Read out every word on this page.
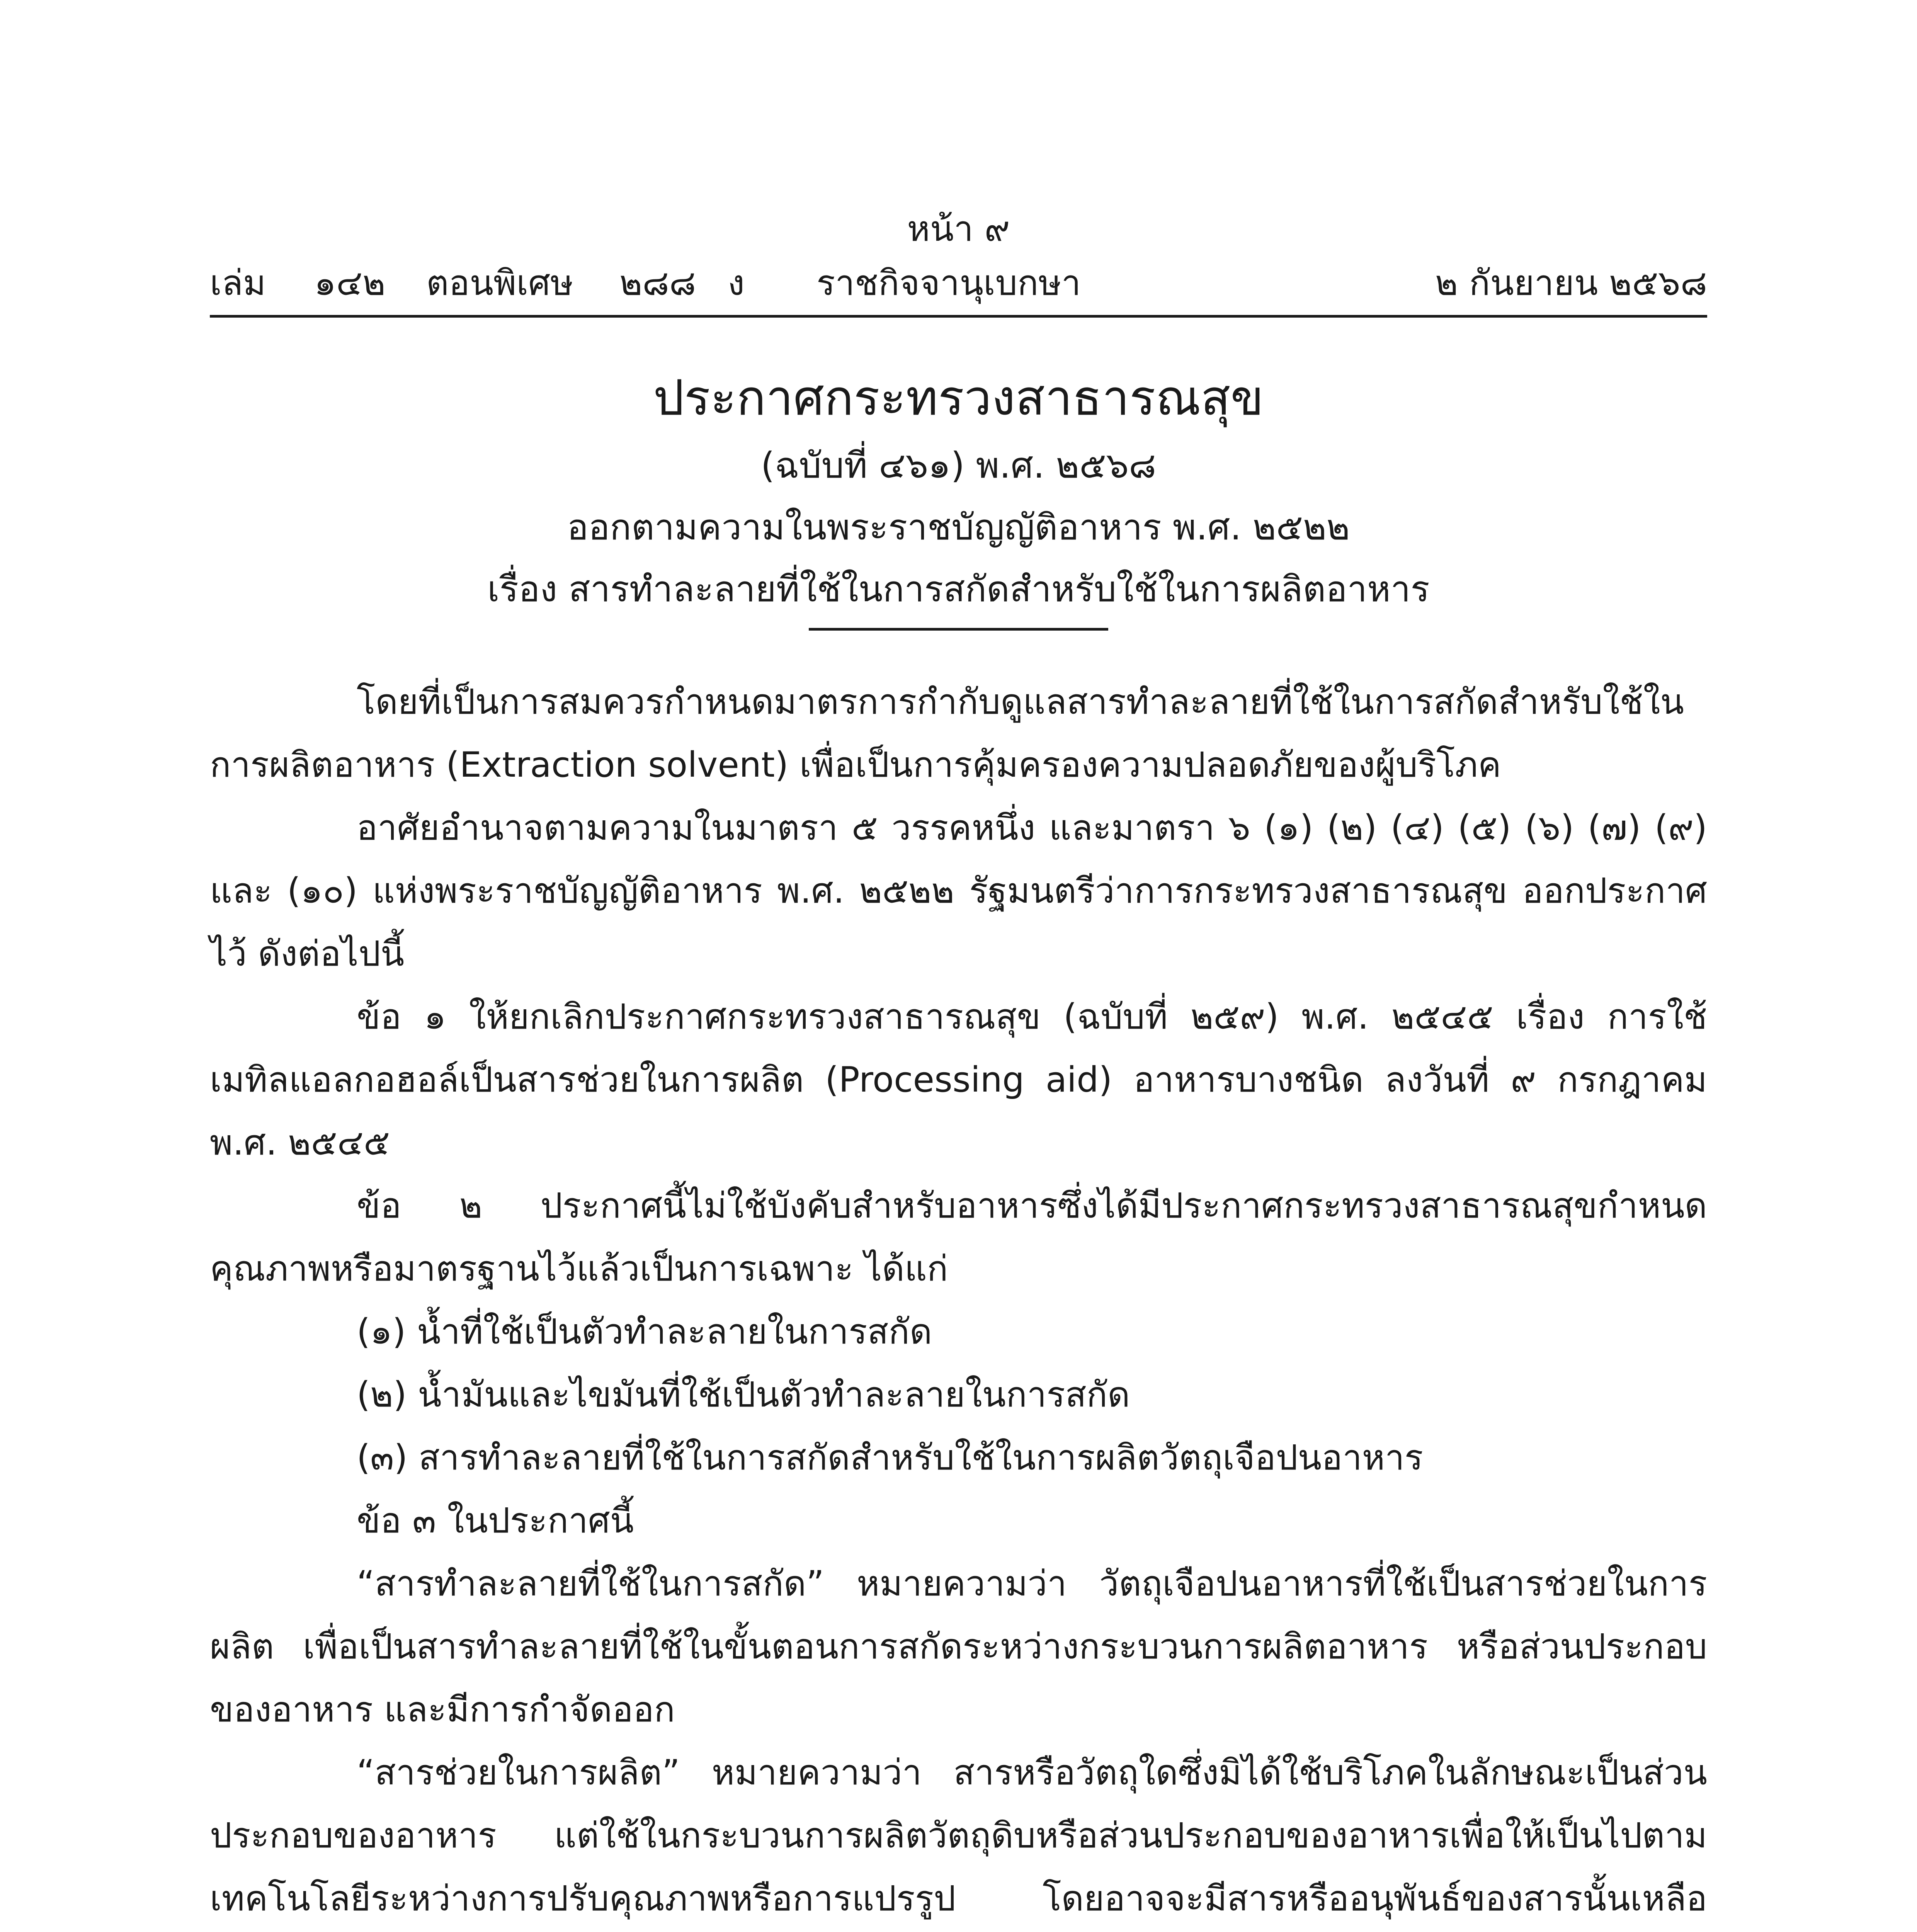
หน้า ๙
เล่ม ๑๔๒ ตอนพิเศษ ๒๘๘ ง ราชกิจจานุเบกษา	๒ กันยายน ๒๕๖๘
ประกาศกระทรวงสาธารณสุข
(ฉบับที่ ๔๖๑) พ.ศ. ๒๕๖๘
ออกตามความในพระราชบัญญัติอาหาร พ.ศ. ๒๕๒๒
เรื่อง สารทำละลายที่ใช้ในการสกัดสำหรับใช้ในการผลิตอาหาร

โดยที่เป็นการสมควรกำหนดมาตรการกำกับดูแลสารทำละลายที่ใช้ในการสกัดสำหรับใช้ในการผลิตอาหาร (Extraction solvent) เพื่อเป็นการคุ้มครองความปลอดภัยของผู้บริโภค

อาศัยอำนาจตามความในมาตรา ๕ วรรคหนึ่ง และมาตรา ๖ (๑) (๒) (๔) (๕) (๖) (๗) (๙) และ (๑๐) แห่งพระราชบัญญัติอาหาร พ.ศ. ๒๕๒๒ รัฐมนตรีว่าการกระทรวงสาธารณสุข ออกประกาศไว้ ดังต่อไปนี้

ข้อ ๑ ให้ยกเลิกประกาศกระทรวงสาธารณสุข (ฉบับที่ ๒๕๙) พ.ศ. ๒๕๔๕ เรื่อง การใช้เมทิลแอลกอฮอล์เป็นสารช่วยในการผลิต (Processing aid) อาหารบางชนิด ลงวันที่ ๙ กรกฎาคม พ.ศ. ๒๕๔๕

ข้อ ๒ ประกาศนี้ไม่ใช้บังคับสำหรับอาหารซึ่งได้มีประกาศกระทรวงสาธารณสุขกำหนดคุณภาพหรือมาตรฐานไว้แล้วเป็นการเฉพาะ ได้แก่

(๑) น้ำที่ใช้เป็นตัวทำละลายในการสกัด

(๒) น้ำมันและไขมันที่ใช้เป็นตัวทำละลายในการสกัด

(๓) สารทำละลายที่ใช้ในการสกัดสำหรับใช้ในการผลิตวัตถุเจือปนอาหาร

ข้อ ๓ ในประกาศนี้

“สารทำละลายที่ใช้ในการสกัด” หมายความว่า วัตถุเจือปนอาหารที่ใช้เป็นสารช่วยในการผลิต เพื่อเป็นสารทำละลายที่ใช้ในขั้นตอนการสกัดระหว่างกระบวนการผลิตอาหาร หรือส่วนประกอบของอาหาร และมีการกำจัดออก

“สารช่วยในการผลิต” หมายความว่า สารหรือวัตถุใดซึ่งมิได้ใช้บริโภคในลักษณะเป็นส่วนประกอบของอาหาร แต่ใช้ในกระบวนการผลิตวัตถุดิบหรือส่วนประกอบของอาหารเพื่อให้เป็นไปตามเทคโนโลยีระหว่างการปรับคุณภาพหรือการแปรรูป โดยอาจจะมีสารหรืออนุพันธ์ของสารนั้นเหลือ
